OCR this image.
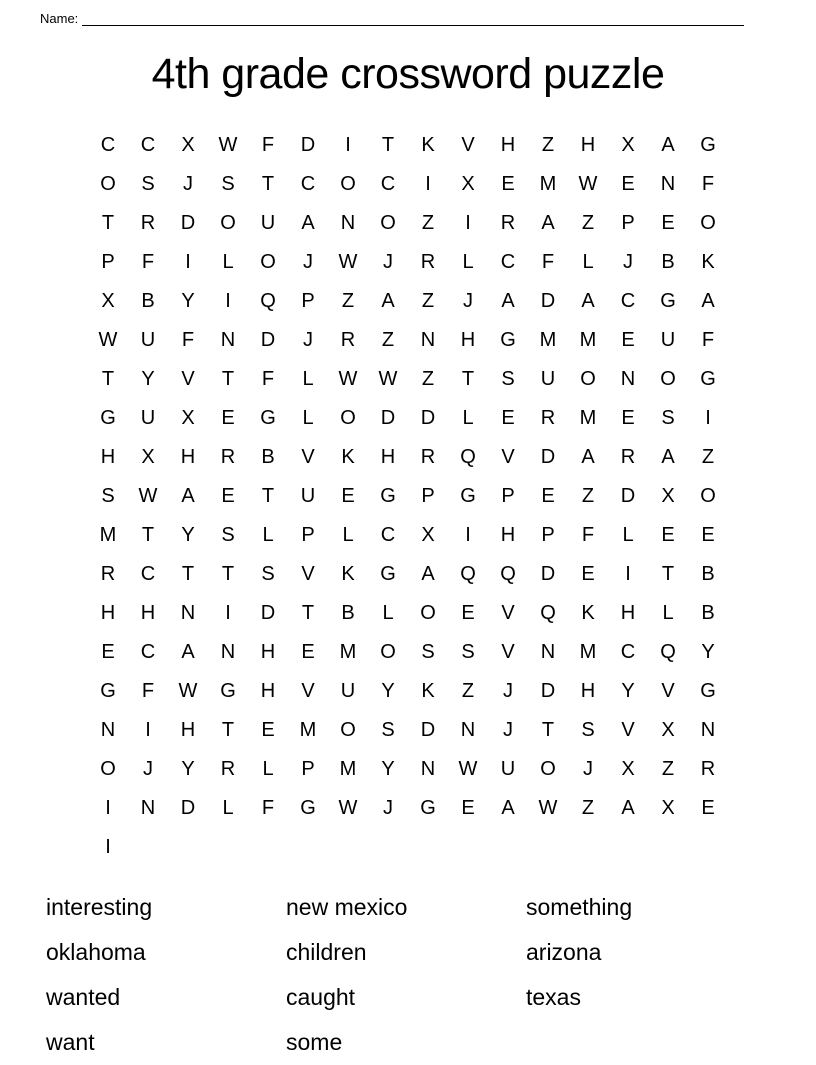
Name:
4th grade crossword puzzle
C	C	X	W	F	D	I	T	K	V	H	Z	H	X	A	G
O	S	J	S	T	C	O	C	I	X	E	M	W	E	N	F
T	R	D	O	U	A	N	O	Z	I	R	A	Z	P	E	O
P	F	I	L	O	J	W	J	R	L	C	F	L	J	B	K
X	B	Y	I	Q	P	Z	A	Z	J	A	D	A	C	G	A
W	U	F	N	D	J	R	Z	N	H	G	M	M	E	U	F
T	Y	V	T	F	L	W	W	Z	T	S	U	O	N	O	G
G	U	X	E	G	L	O	D	D	L	E	R	M	E	S	I
H	X	H	R	B	V	K	H	R	Q	V	D	A	R	A	Z
S	W	A	E	T	U	E	G	P	G	P	E	Z	D	X	O
M	T	Y	S	L	P	L	C	X	I	H	P	F	L	E	E
R	C	T	T	S	V	K	G	A	Q	Q	D	E	I	T	B
H	H	N	I	D	T	B	L	O	E	V	Q	K	H	L	B
E	C	A	N	H	E	M	O	S	S	V	N	M	C	Q	Y
G	F	W	G	H	V	U	Y	K	Z	J	D	H	Y	V	G
N	I	H	T	E	M	O	S	D	N	J	T	S	V	X	N
O	J	Y	R	L	P	M	Y	N	W	U	O	J	X	Z	R
I	N	D	L	F	G	W	J	G	E	A	W	Z	A	X	E
I
interesting	new mexico	something
oklahoma	children	arizona
wanted	caught	texas
want	some
